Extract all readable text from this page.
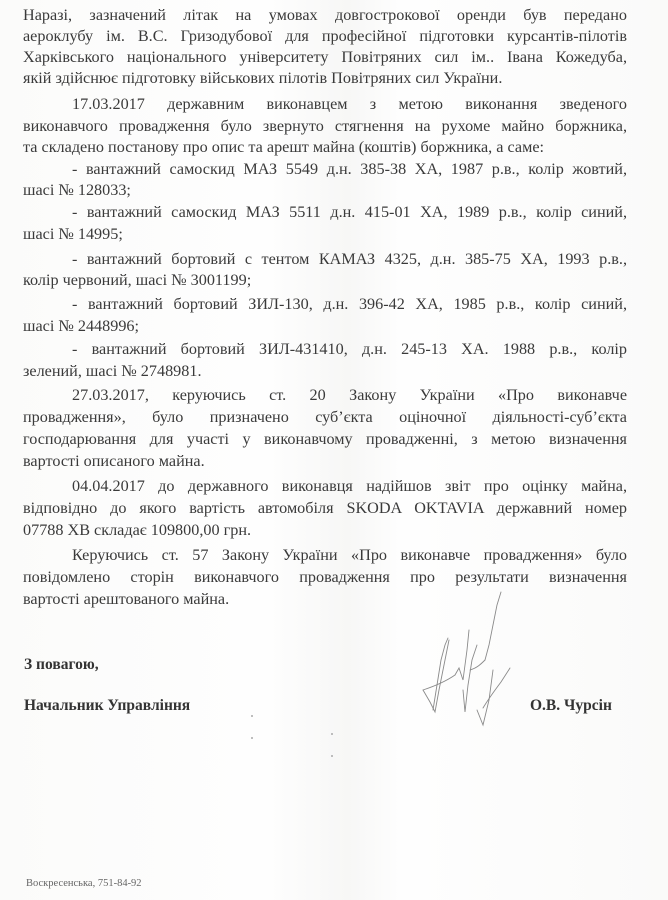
Наразі, зазначений літак на умовах довгострокової оренди був передано
аероклубу ім. В.С. Гризодубової для професійної підготовки курсантів-пілотів
Харківського національного університету Повітряних сил ім.. Івана Кожедуба,
якій здійснює підготовку військових пілотів Повітряних сил України.
17.03.2017 державним виконавцем з метою виконання зведеного
виконавчого провадження було звернуто стягнення на рухоме майно боржника,
та складено постанову про опис та арешт майна (коштів) боржника, а саме:
- вантажний самоскид МАЗ 5549 д.н. 385-38 ХА, 1987 р.в., колір жовтий,
шасі № 128033;
- вантажний самоскид МАЗ 5511 д.н. 415-01 ХА, 1989 р.в., колір синий,
шасі № 14995;
- вантажний бортовий с тентом КАМАЗ 4325, д.н. 385-75 ХА, 1993 р.в.,
колір червоний, шасі № 3001199;
- вантажний бортовий ЗИЛ-130, д.н. 396-42 ХА, 1985 р.в., колір синий,
шасі № 2448996;
- вантажний бортовий ЗИЛ-431410, д.н. 245-13 ХА. 1988 р.в., колір
зелений, шасі № 2748981.
27.03.2017, керуючись ст. 20 Закону України «Про виконавче
провадження», було призначено суб’єкта оціночної діяльності-суб’єкта
господарювання для участі у виконавчому провадженні, з метою визначення
вартості описаного майна.
04.04.2017 до державного виконавця надійшов звіт про оцінку майна,
відповідно до якого вартість автомобіля SKODA OKTAVIA державний номер
07788 ХВ складає 109800,00 грн.
Керуючись ст. 57 Закону України «Про виконавче провадження» було
повідомлено сторін виконавчого провадження про результати визначення
вартості арештованого майна.
З повагою,
Начальник Управління	О.В. Чурсін
Воскресенська, 751-84-92
